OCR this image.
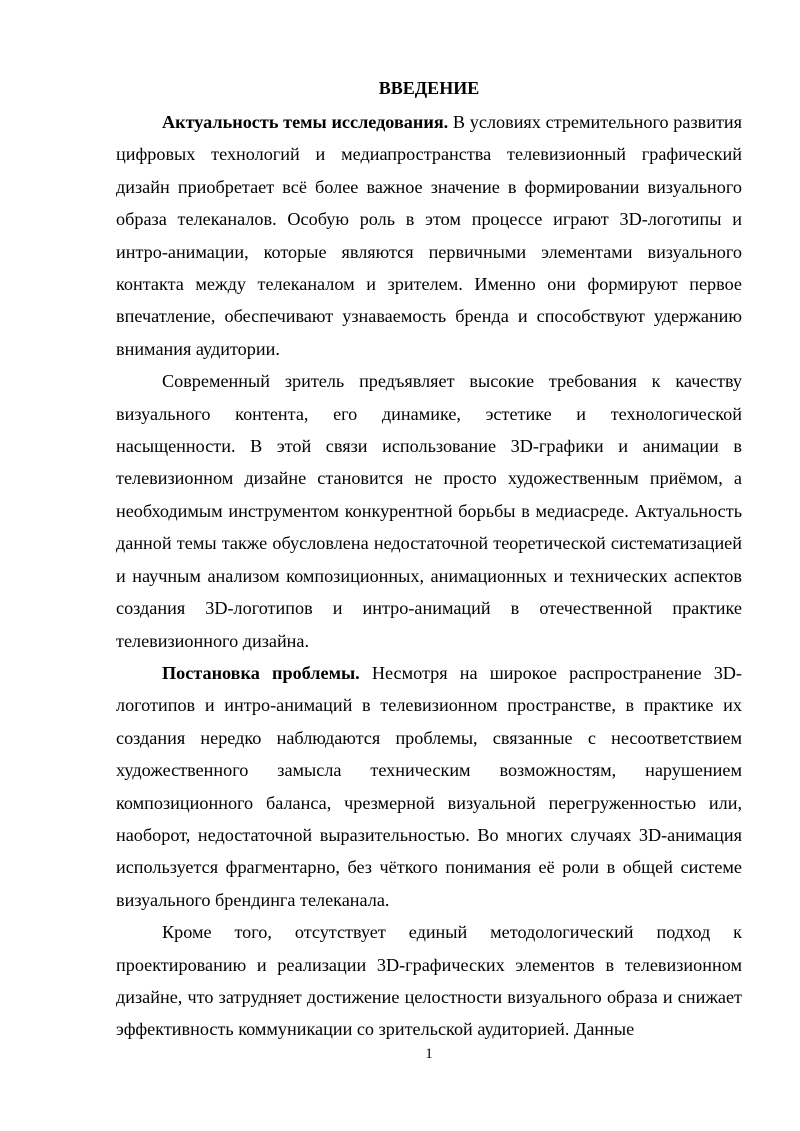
ВВЕДЕНИЕ

Актуальность темы исследования. В условиях стремительного развития цифровых технологий и медиапространства телевизионный графический дизайн приобретает всё более важное значение в формировании визуального образа телеканалов. Особую роль в этом процессе играют 3D-логотипы и интро-анимации, которые являются первичными элементами визуального контакта между телеканалом и зрителем. Именно они формируют первое впечатление, обеспечивают узнаваемость бренда и способствуют удержанию внимания аудитории.

Современный зритель предъявляет высокие требования к качеству визуального контента, его динамике, эстетике и технологической насыщенности. В этой связи использование 3D-графики и анимации в телевизионном дизайне становится не просто художественным приёмом, а необходимым инструментом конкурентной борьбы в медиасреде. Актуальность данной темы также обусловлена недостаточной теоретической систематизацией и научным анализом композиционных, анимационных и технических аспектов создания 3D-логотипов и интро-анимаций в отечественной практике телевизионного дизайна.

Постановка проблемы. Несмотря на широкое распространение 3D-логотипов и интро-анимаций в телевизионном пространстве, в практике их создания нередко наблюдаются проблемы, связанные с несоответствием художественного замысла техническим возможностям, нарушением композиционного баланса, чрезмерной визуальной перегруженностью или, наоборот, недостаточной выразительностью. Во многих случаях 3D-анимация используется фрагментарно, без чёткого понимания её роли в общей системе визуального брендинга телеканала.

Кроме того, отсутствует единый методологический подход к проектированию и реализации 3D-графических элементов в телевизионном дизайне, что затрудняет достижение целостности визуального образа и снижает эффективность коммуникации со зрительской аудиторией. Данные

1
